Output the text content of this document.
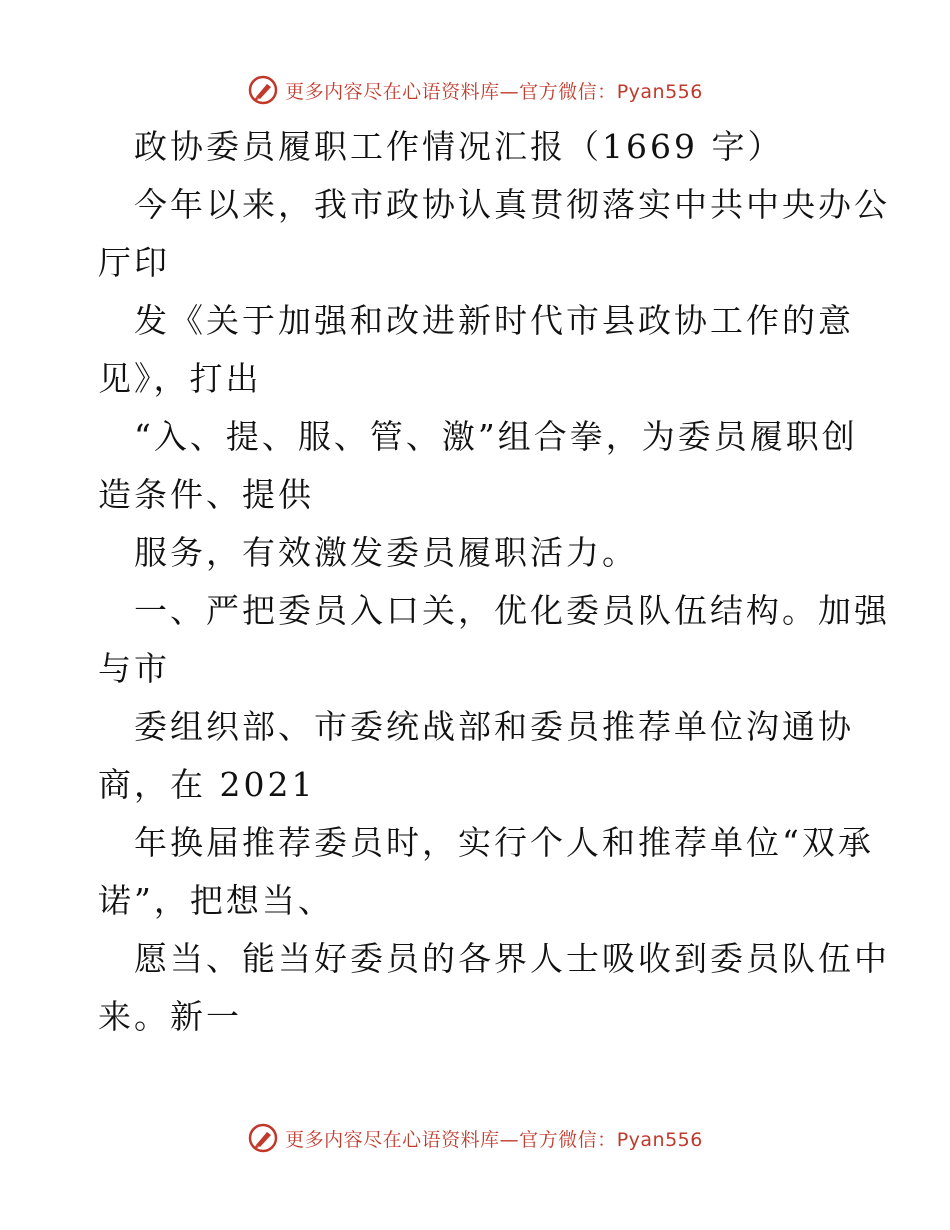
更多内容尽在心语资料库—官方微信：Pyan556
政协委员履职工作情况汇报（1669 字）
今年以来，我市政协认真贯彻落实中共中央办公
厅印
发《关于加强和改进新时代市县政协工作的意
见》，打出
“入、提、服、管、激”组合拳，为委员履职创
造条件、提供
服务，有效激发委员履职活力。
一、严把委员入口关，优化委员队伍结构。加强
与市
委组织部、市委统战部和委员推荐单位沟通协
商，在 2021
年换届推荐委员时，实行个人和推荐单位“双承
诺”，把想当、
愿当、能当好委员的各界人士吸收到委员队伍中
来。新一
更多内容尽在心语资料库—官方微信：Pyan556
